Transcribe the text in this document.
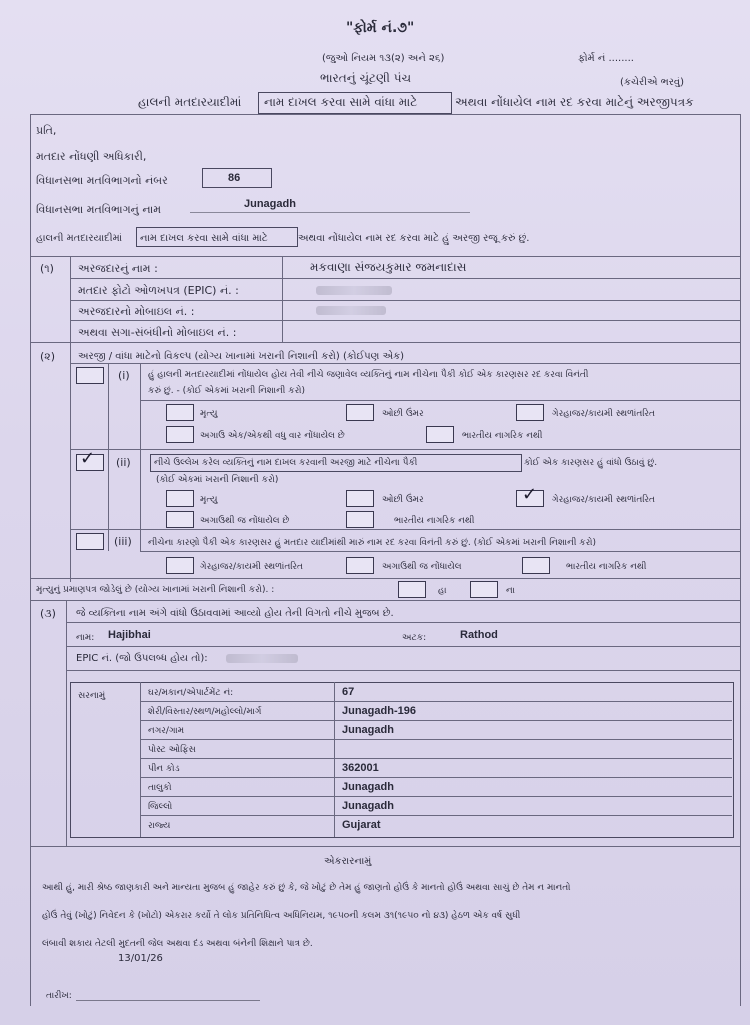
"ફોર્મ નં.૭"
(જુઓ નિયમ ૧૩(૨) અને ૨૬)	ફોર્મ નં ........
ભારતનું ચૂંટણી પંચ	(કચેરીએ ભરવું)
હાલની મતદારયાદીમાં નામ દાખલ કરવા સામે વાંધા માટે	અથવા નોંધાયેલ નામ રદ કરવા માટેનું અરજીપત્રક
પ્રતિ,
મતદાર નોંધણી અધિકારી,
વિધાનસભા મતવિભાગનો નંબર	86
વિધાનસભા મતવિભાગનું નામ	Junagadh
હાલની મતદારયાદીમાં નામ દાખલ કરવા સામે વાંધા માટે	અથવા નોંધાયેલ નામ રદ કરવા માટે હું અરજી રજૂ કરું છું.
(૧) અરજદારનું નામ :	મકવાણા સંજયકુમાર જમનાદાસ
મતદાર ફોટો ઓળખપત્ર (EPIC) નં. :
અરજદારનો મોબાઇલ નં. :
અથવા સગા-સંબંધીનો મોબાઇલ નં. :
(૨) અરજી / વાંધા માટેનો વિકલ્પ (યોગ્ય ખાનામાં ખરાની નિશાની કરો) (કોઈપણ એક)
(i) હું હાલની મતદારયાદીમાં નોંધાયેલ હોય તેવી નીચે જણાવેલ વ્યક્તિનું નામ નીચેના પૈકી કોઈ એક કારણસર રદ કરવા વિનંતી
કરું છું. - (કોઈ એકમાં ખરાની નિશાની કરો)
મૃત્યુ	ઓછી ઉંમર	ગેરહાજર/કાયમી સ્થળાંતરિત
અગાઉ એક/એકથી વધુ વાર નોંધાયેલ છે	ભારતીય નાગરિક નથી
✓ (ii)	નીચે ઉલ્લેખ કરેલ વ્યક્તિનું નામ દાખલ કરવાની અરજી માટે નીચેના પૈકી	કોઈ એક કારણસર હું વાંધો ઉઠાવું છું.
(કોઈ એકમાં ખરાની નિશાની કરો)
મૃત્યુ	ઓછી ઉંમર	✓ ગેરહાજર/કાયમી સ્થળાંતરિત
અગાઉથી જ નોંધાયેલ છે	ભારતીય નાગરિક નથી
(iii) નીચેના કારણો પૈકી એક કારણસર હું મતદાર યાદીમાંથી મારું નામ રદ કરવા વિનંતી કરું છું. (કોઈ એકમાં ખરાની નિશાની કરો)
ગેરહાજર/કાયમી સ્થળાંતરિત	અગાઉથી જ નોંધાયેલ	ભારતીય નાગરિક નથી
મૃત્યુનું પ્રમાણપત્ર જોડેલું છે (યોગ્ય ખાનામાં ખરાની નિશાની કરો). :	હા	ના
(૩) જે વ્યક્તિના નામ અંગે વાંધો ઉઠાવવામાં આવ્યો હોય તેની વિગતો નીચે મુજબ છે.
નામ: Hajibhai	અટક:	Rathod
EPIC નં. (જો ઉપલબ્ધ હોય તો):
સરનામું	ઘર/મકાન/એપાર્ટમેંટ નં:	67
શેરી/વિસ્તાર/સ્થળ/મહોલ્લો/માર્ગ	Junagadh-196
નગર/ગામ	Junagadh
પોસ્ટ ઓફિસ
પીન કોડ	362001
તાલુકો	Junagadh
જિલ્લો	Junagadh
રાજ્ય	Gujarat
એકરારનામું
આથી હું, મારી શ્રેષ્ઠ જાણકારી અને માન્યતા મુજબ હું જાહેર કરું છું કે, જે ખોટું છે તેમ હું જાણતો હોઉં કે માનતો હોઉં અથવા સાચું છે તેમ ન માનતો
હોઉં તેવું (ખોટું) નિવેદન કે (ખોટો) એકરાર કર્યો તે લોક પ્રતિનિધિત્વ અધિનિયમ, ૧૯૫૦ની કલમ ૩૧(૧૯૫૦ નો ૪૩) હેઠળ એક વર્ષ સુધી
લંબાવી શકાય તેટલી મુદતની જેલ અથવા દંડ અથવા બંનેની શિક્ષાને પાત્ર છે.
13/01/26
તારીખ:
